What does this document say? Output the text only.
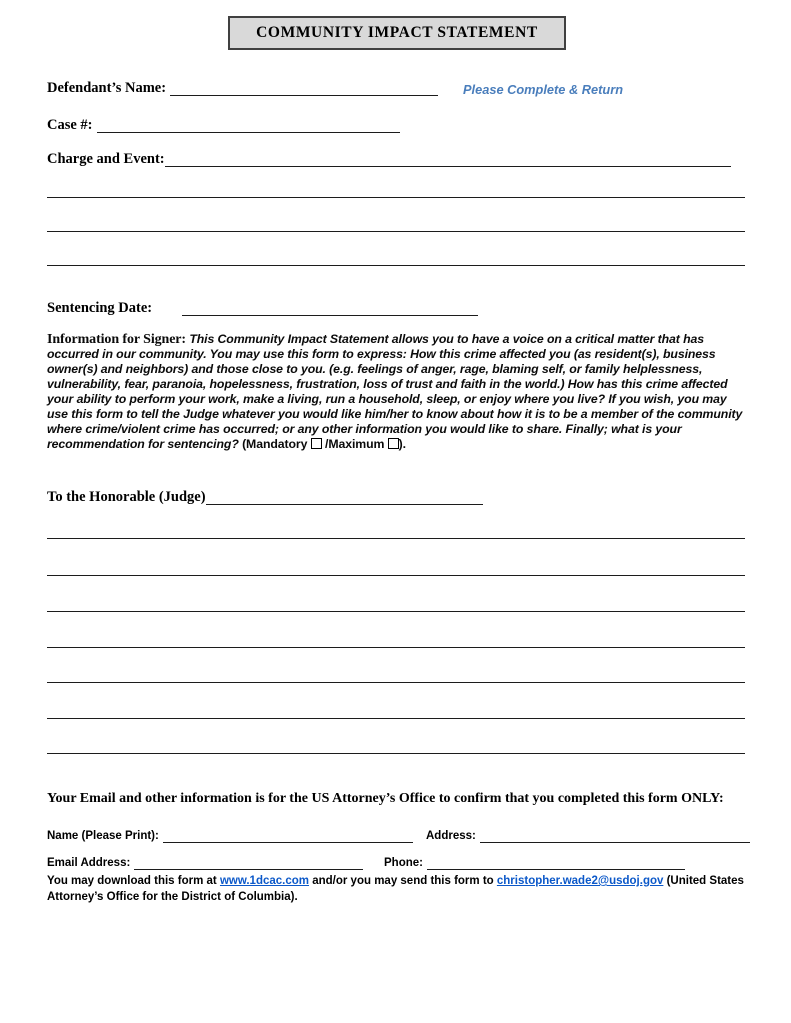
COMMUNITY IMPACT STATEMENT
Defendant’s Name:	Please Complete & Return
Case #:
Charge and Event:
Sentencing Date:

Information for Signer: This Community Impact Statement allows you to have a voice on a critical matter that has occurred in our community. You may use this form to express: How this crime affected you (as resident(s), business owner(s) and neighbors) and those close to you. (e.g. feelings of anger, rage, blaming self, or family helplessness, vulnerability, fear, paranoia, hopelessness, frustration, loss of trust and faith in the world.) How has this crime affected your ability to perform your work, make a living, run a household, sleep, or enjoy where you live? If you wish, you may use this form to tell the Judge whatever you would like him/her to know about how it is to be a member of the community where crime/violent crime has occurred; or any other information you would like to share. Finally; what is your recommendation for sentencing? (Mandatory /Maximum ).

To the Honorable (Judge)

Your Email and other information is for the US Attorney’s Office to confirm that you completed this form ONLY:

Name (Please Print):	Address:
Email Address:	Phone:

You may download this form at www.1dcac.com and/or you may send this form to christopher.wade2@usdoj.gov (United States Attorney’s Office for the District of Columbia).
